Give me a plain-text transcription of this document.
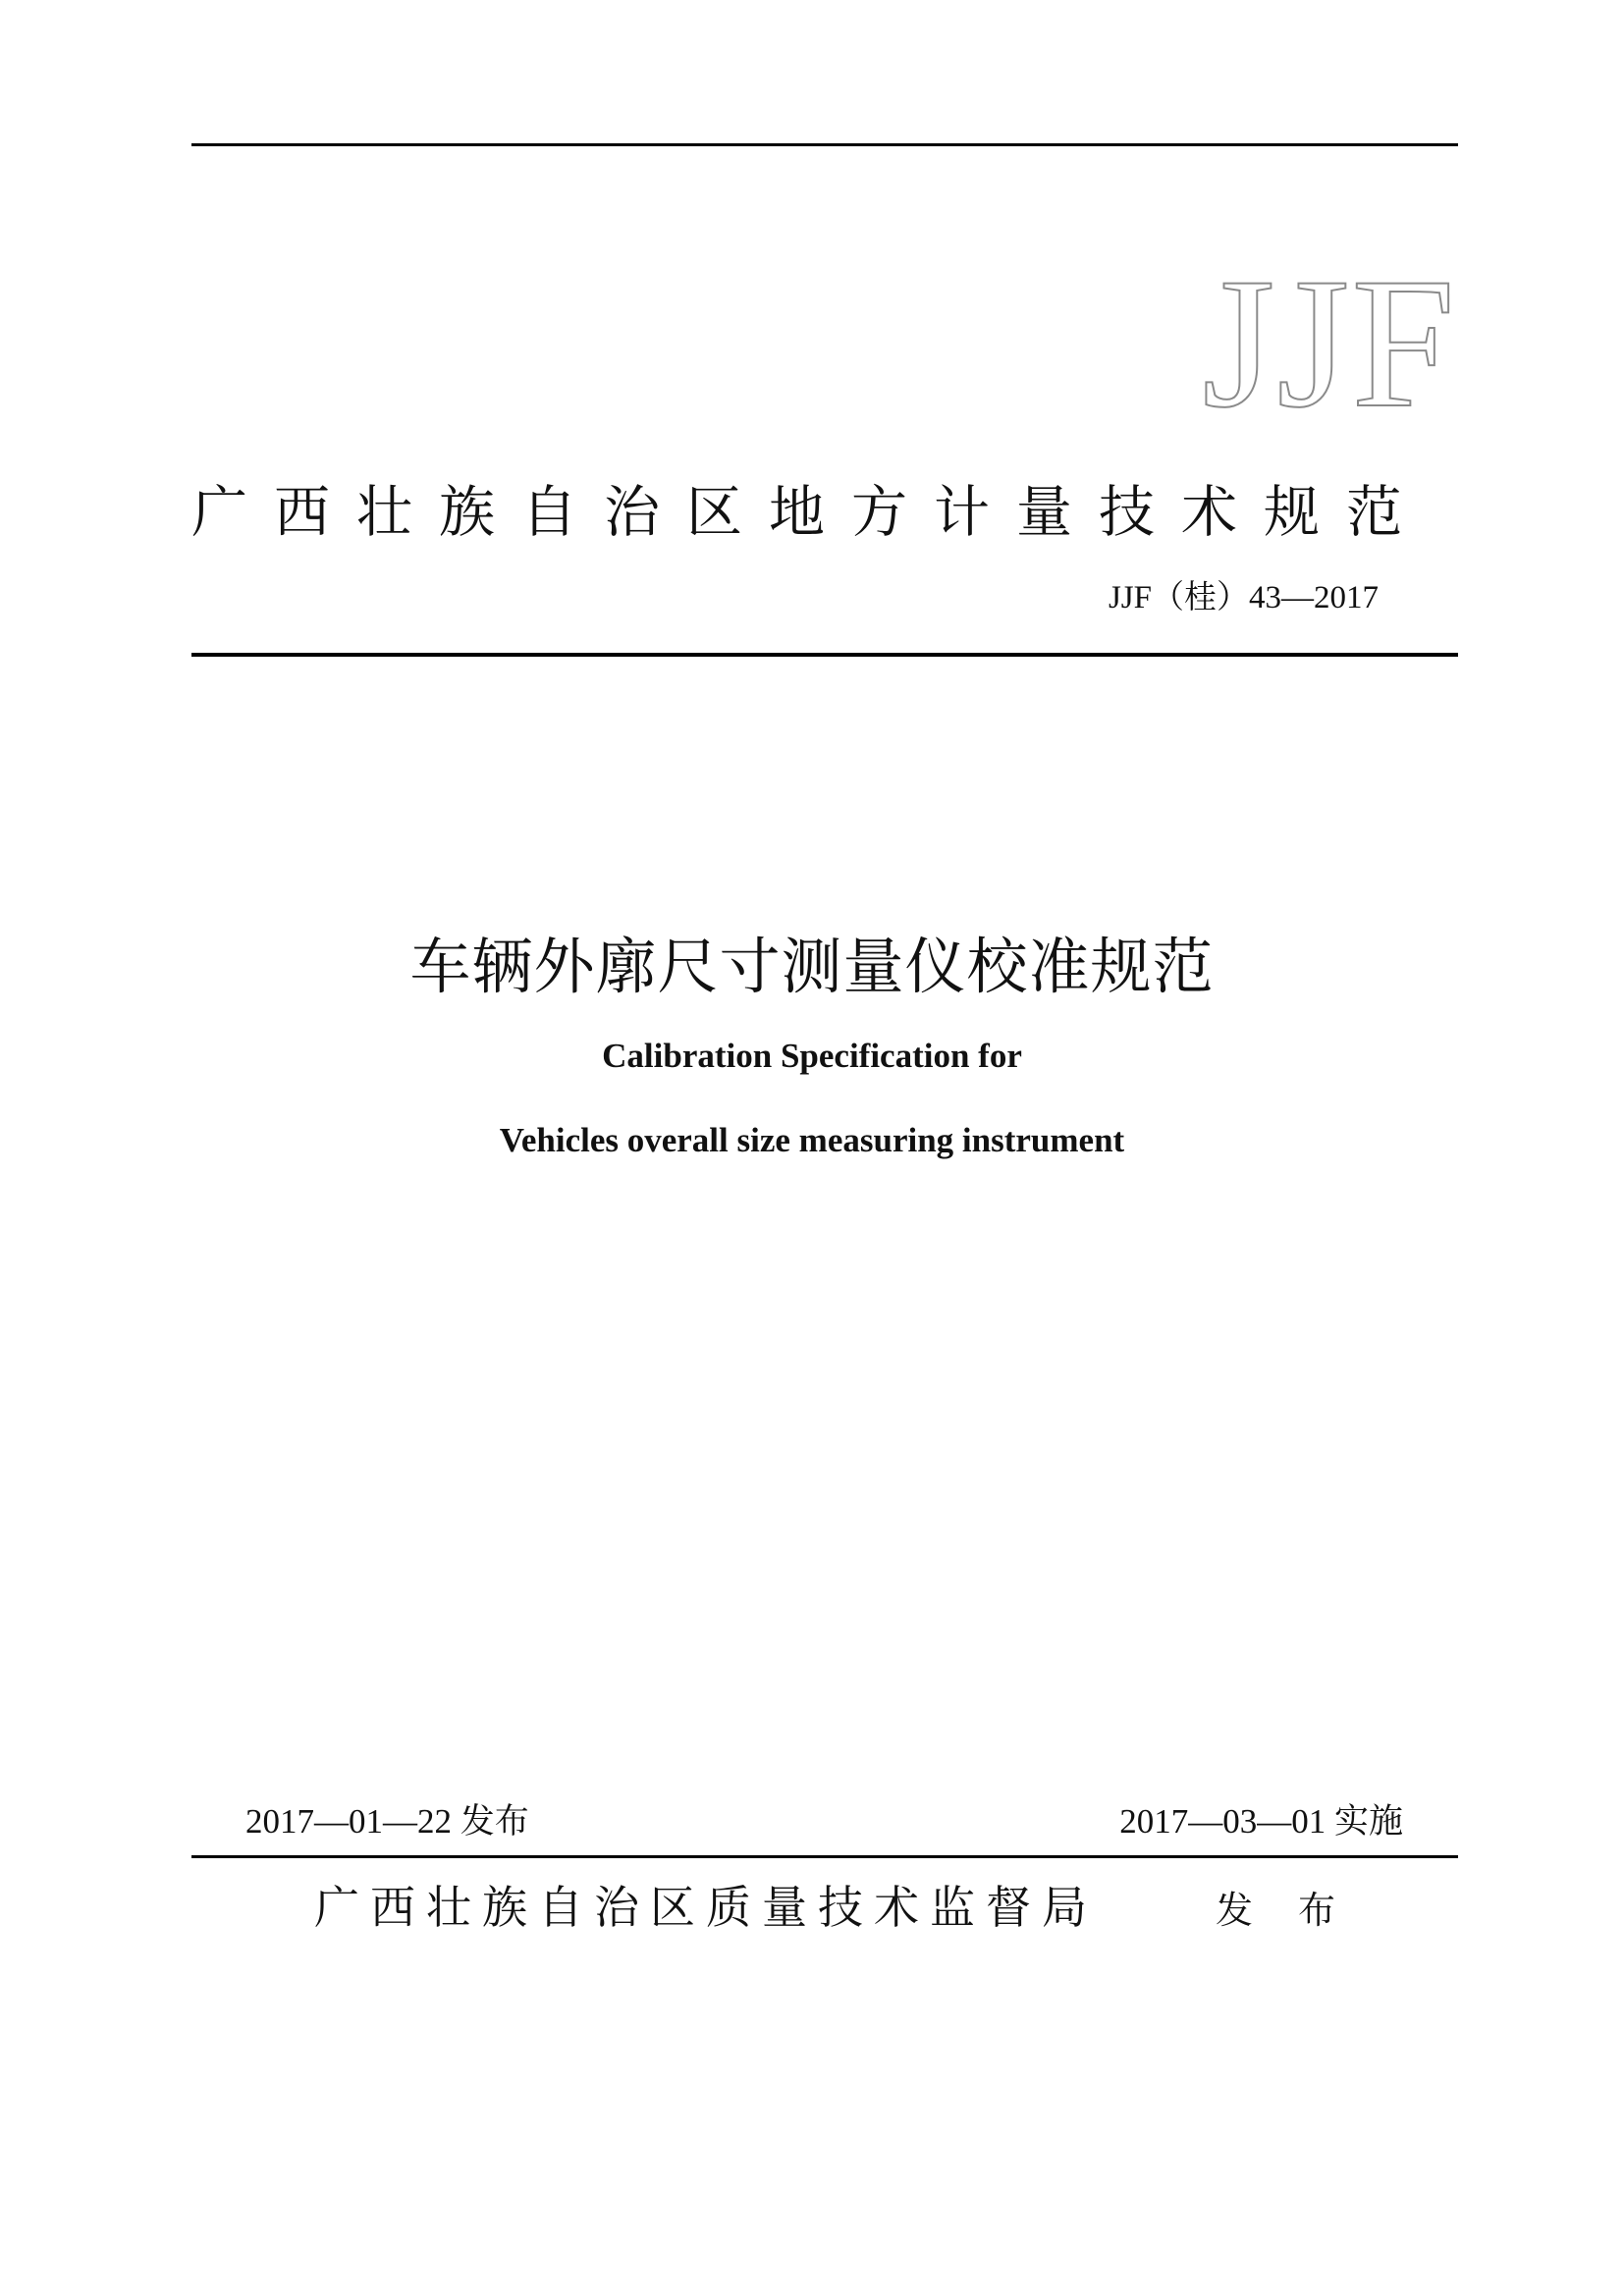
JJF
广西壮族自治区地方计量技术规范
JJF（桂）43—2017
车辆外廓尺寸测量仪校准规范
Calibration Specification for
Vehicles overall size measuring instrument
2017—01—22 发布	2017—03—01 实施
广西壮族自治区质量技术监督局	发布
